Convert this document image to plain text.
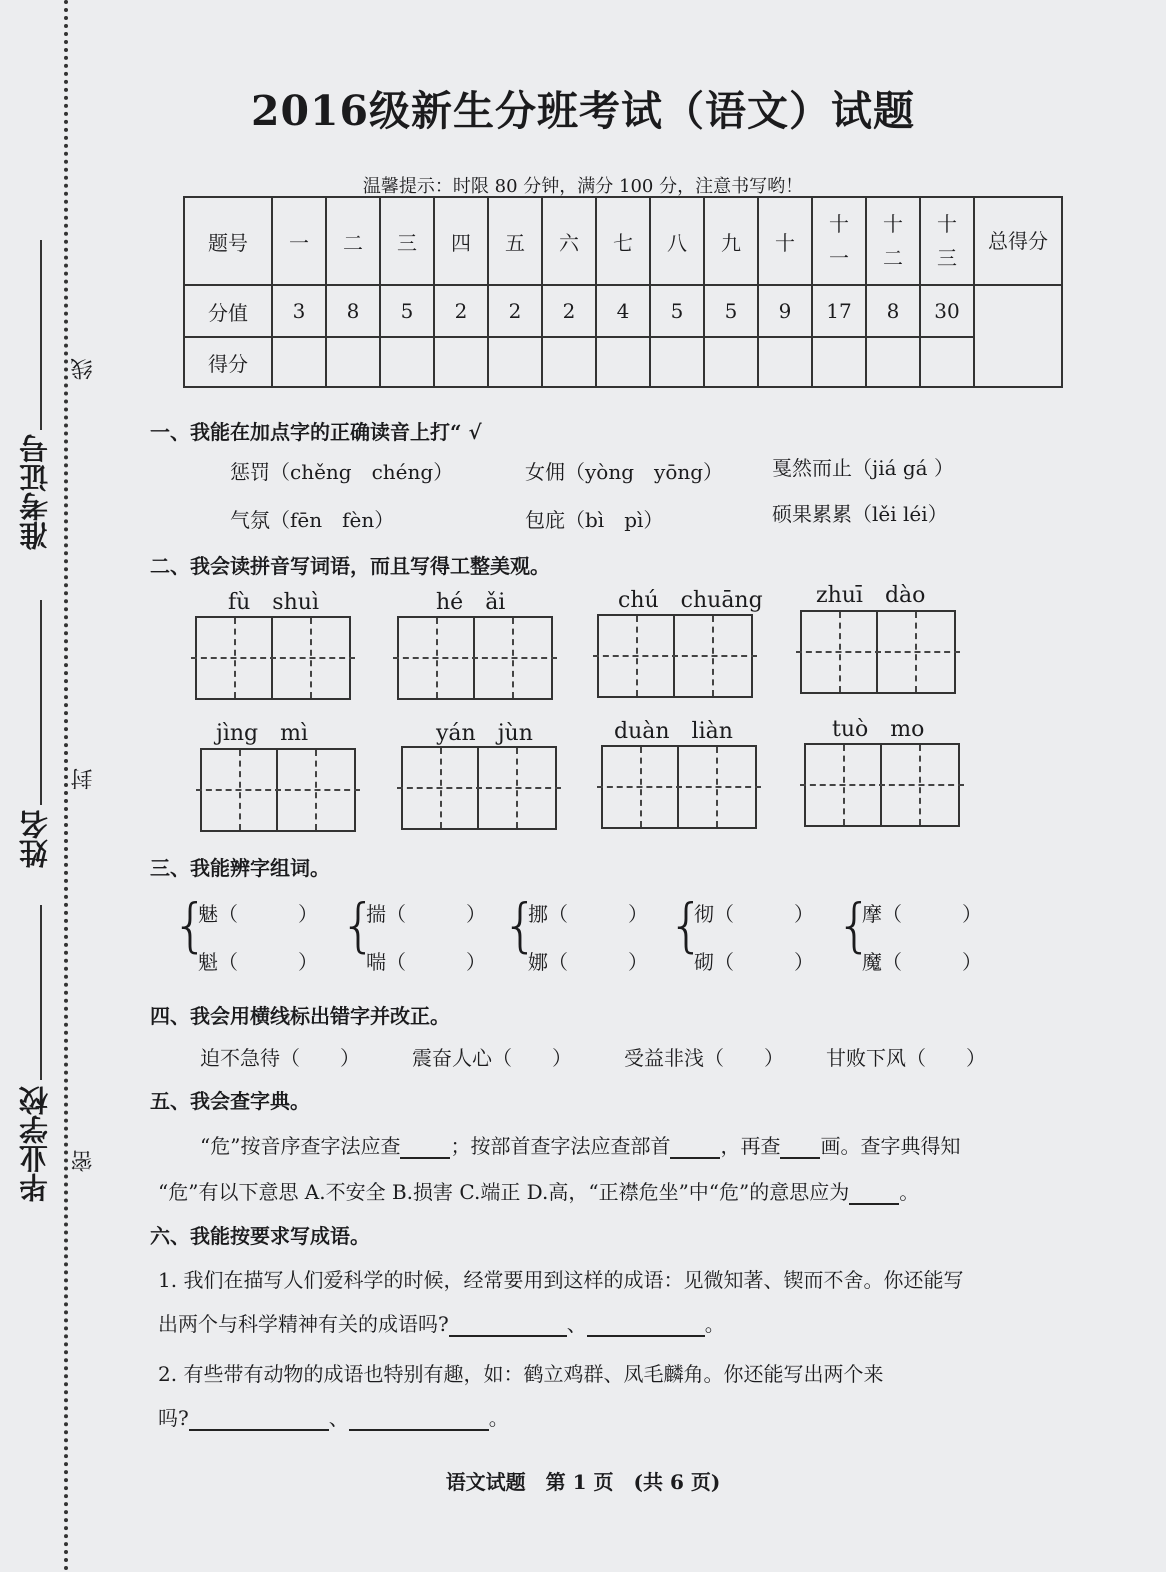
准考证号
姓名
毕业学校
线
封
密
2016级新生分班考试（语文）试题
温馨提示：时限 80 分钟，满分 100 分，注意书写哟！
题号	一	二	三	四	五	六	七	八	九	十	十一	十二	十三	总得分

分值	3	8	5	2	2	2	4	5	5	9	17	8	30	
得分														
一、我能在加点字的正确读音上打“ √
惩罚（chěng　chéng）	女佣（yòng　yōng） 戛然而止（jiá gá ）
气氛（fēn　fèn）	包庇（bì　pì）	硕果累累（lěi léi）
二、我会读拼音写词语，而且写得工整美观。
fù　shuì	hé　ǎi	chú　chuāng zhuī　dào
jìng　mì	yán　jùn	duàn　liàn	tuò　mo
三、我能辨字组词。
{
魅（　　　）
魁（　　　）
{
揣（　　　）
喘（　　　）
{
挪（　　　）
娜（　　　）
{
彻（　　　）
砌（　　　）
{
摩（　　　）
魔（　　　）
四、我会用横线标出错字并改正。
迫不急待（　　）	震奋人心（　　）	受益非浅（　　） 甘败下风（　　）
五、我会查字典。
“危”按音序查字法应查	；按部首查字法应查部首	，再查 画。查字典得知
“危”有以下意思 A.不安全 B.损害 C.端正 D.高，“正襟危坐”中“危”的意思应为	。
六、我能按要求写成语。
1. 我们在描写人们爱科学的时候，经常要用到这样的成语：见微知著、锲而不舍。你还能写
出两个与科学精神有关的成语吗?	、	。
2. 有些带有动物的成语也特别有趣，如：鹤立鸡群、凤毛麟角。你还能写出两个来
吗?	、	。
语文试题　第 1 页　(共 6 页)
